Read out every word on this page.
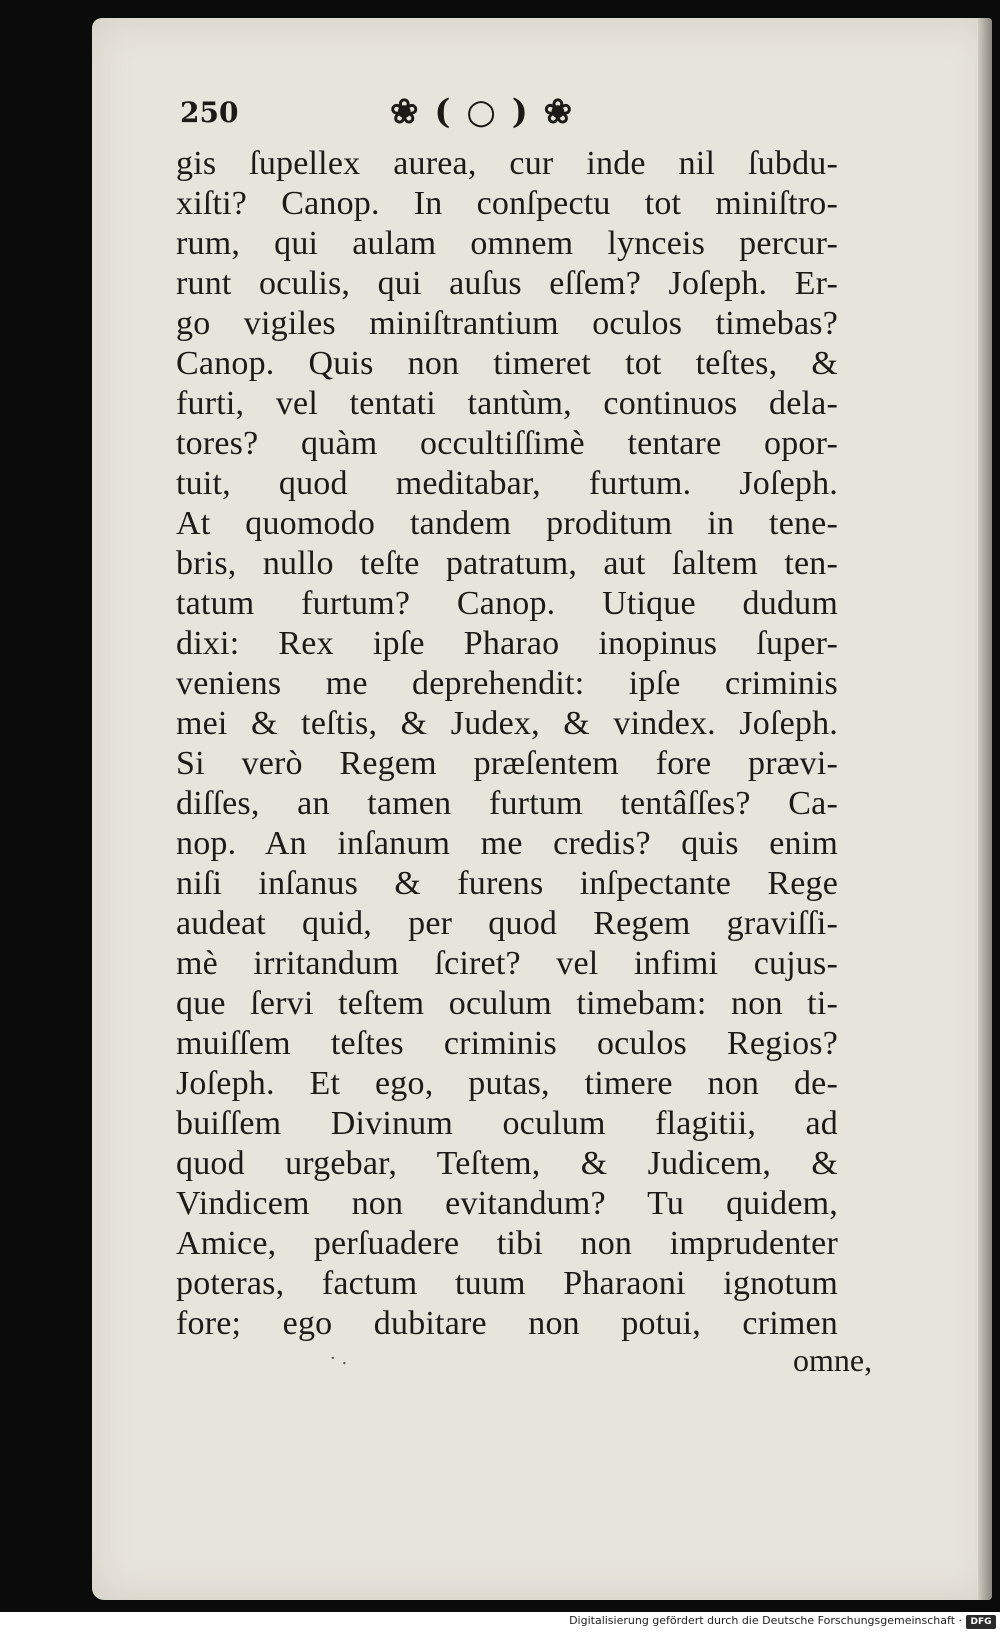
250	❀ ( ○ ) ❀
gis ſupellex aurea, cur inde nil ſubdu-
xiſti? Canop. In conſpectu tot miniſtro-
rum, qui aulam omnem lynceis percur-
runt oculis, qui auſus eſſem? Joſeph. Er-
go vigiles miniſtrantium oculos timebas?
Canop. Quis non timeret tot teſtes, &
furti, vel tentati tantùm, continuos dela-
tores? quàm occultiſſimè tentare opor-
tuit, quod meditabar, furtum. Joſeph.
At quomodo tandem proditum in tene-
bris, nullo teſte patratum, aut ſaltem ten-
tatum furtum? Canop. Utique dudum
dixi: Rex ipſe Pharao inopinus ſuper-
veniens me deprehendit: ipſe criminis
mei & teſtis, & Judex, & vindex. Joſeph.
Si verò Regem præſentem fore prævi-
diſſes, an tamen furtum tentâſſes? Ca-
nop. An inſanum me credis? quis enim
niſi inſanus & furens inſpectante Rege
audeat quid, per quod Regem graviſſi-
mè irritandum ſciret? vel infimi cujus-
que ſervi teſtem oculum timebam: non ti-
muiſſem teſtes criminis oculos Regios?
Joſeph. Et ego, putas, timere non de-
buiſſem Divinum oculum flagitii, ad
quod urgebar, Teſtem, & Judicem, &
Vindicem non evitandum? Tu quidem,
Amice, perſuadere tibi non imprudenter
poteras, factum tuum Pharaoni ignotum
fore; ego dubitare non potui, crimen
· .	omne,
Digitalisierung gefördert durch die Deutsche Forschungsgemeinschaft · DFG
